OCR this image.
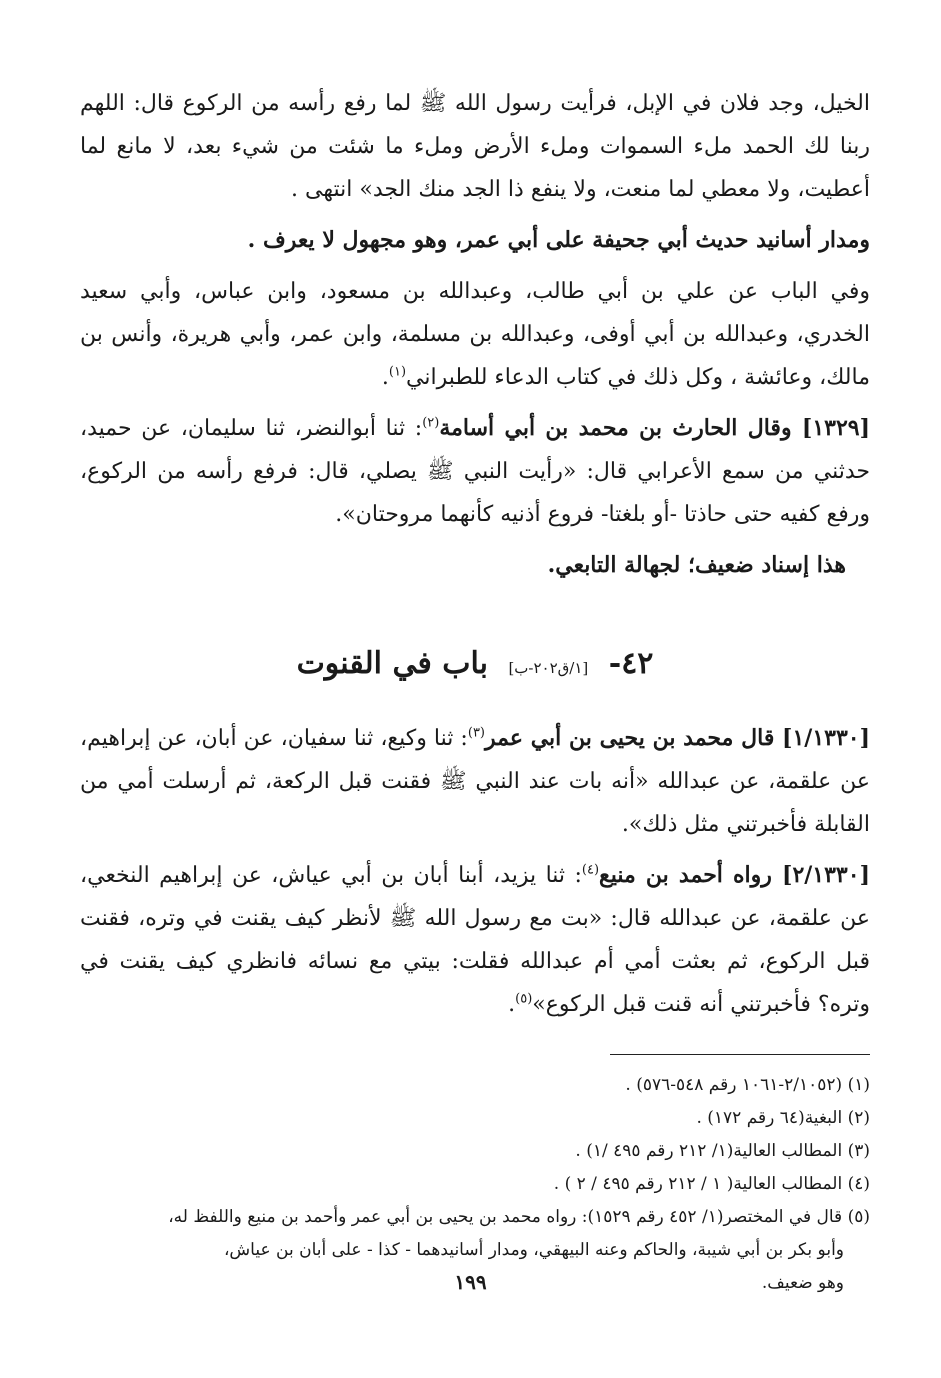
الخيل، وجد فلان في الإبل، فرأيت رسول الله ﷺ لما رفع رأسه من الركوع قال: اللهم ربنا لك الحمد ملء السموات وملء الأرض وملء ما شئت من شيء بعد، لا مانع لما أعطيت، ولا معطي لما منعت، ولا ينفع ذا الجد منك الجد» انتهى .

ومدار أسانيد حديث أبي جحيفة على أبي عمر، وهو مجهول لا يعرف .

وفي الباب عن علي بن أبي طالب، وعبدالله بن مسعود، وابن عباس، وأبي سعيد الخدري، وعبدالله بن أبي أوفى، وعبدالله بن مسلمة، وابن عمر، وأبي هريرة، وأنس بن مالك، وعائشة ، وكل ذلك في كتاب الدعاء للطبراني$^{(١)}$.

[١٣٢٩] وقال الحارث بن محمد بن أبي أسامة$^{(٢)}$: ثنا أبوالنضر، ثنا سليمان، عن حميد، حدثني من سمع الأعرابي قال: «رأيت النبي ﷺ يصلي، قال: فرفع رأسه من الركوع، ورفع كفيه حتى حاذتا -أو بلغتا- فروع أذنيه كأنهما مروحتان».

هذا إسناد ضعيف؛ لجهالة التابعي.

٤٢- [١/ق٢٠٢-ب] باب في القنوت

[١/١٣٣٠] قال محمد بن يحيى بن أبي عمر$^{(٣)}$: ثنا وكيع، ثنا سفيان، عن أبان، عن إبراهيم، عن علقمة، عن عبدالله «أنه بات عند النبي ﷺ فقنت قبل الركعة، ثم أرسلت أمي من القابلة فأخبرتني مثل ذلك».

[٢/١٣٣٠] رواه أحمد بن منيع$^{(٤)}$: ثنا يزيد، أبنا أبان بن أبي عياش، عن إبراهيم النخعي، عن علقمة، عن عبدالله قال: «بت مع رسول الله ﷺ لأنظر كيف يقنت في وتره، فقنت قبل الركوع، ثم بعثت أمي أم عبدالله فقلت: بيتي مع نسائه فانظري كيف يقنت في وتره؟ فأخبرتني أنه قنت قبل الركوع»$^{(٥)}$.

(١) (٢/١٠٥٢-١٠٦١ رقم ٥٤٨-٥٧٦) .

(٢) البغية(٦٤ رقم ١٧٢) .

(٣) المطالب العالية(١/ ٢١٢ رقم ٤٩٥ /١) .

(٤) المطالب العالية( ١ / ٢١٢ رقم ٤٩٥ / ٢ ) .

(٥) قال في المختصر(١/ ٤٥٢ رقم ١٥٢٩): رواه محمد بن يحيى بن أبي عمر وأحمد بن منيع واللفظ له،

وأبو بكر بن أبي شيبة، والحاكم وعنه البيهقي، ومدار أسانيدهما - كذا - على أبان بن عياش،

وهو ضعيف.

١٩٩
